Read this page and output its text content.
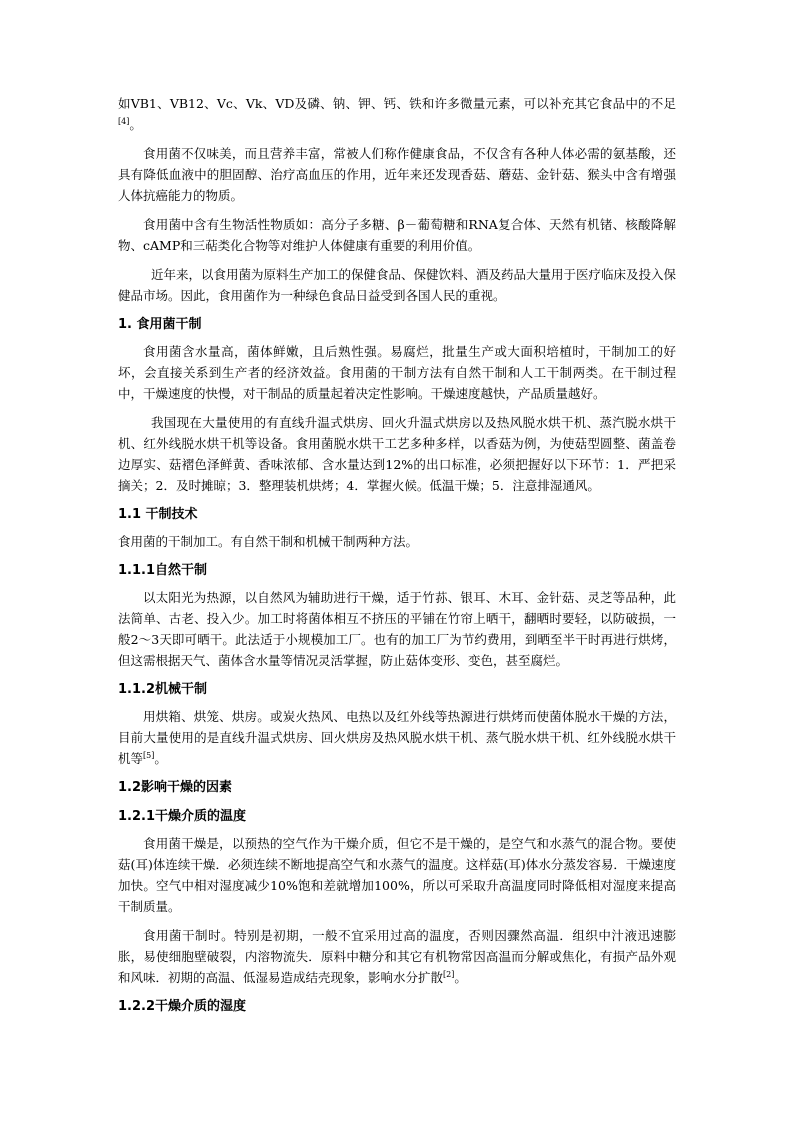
如VB1、VB12、Vc、Vk、VD及磷、钠、钾、钙、铁和许多微量元素，可以补充其它食品中的不足[4]。

食用菌不仅味美，而且营养丰富，常被人们称作健康食品，不仅含有各种人体必需的氨基酸，还具有降低血液中的胆固醇、治疗高血压的作用，近年来还发现香菇、蘑菇、金针菇、猴头中含有增强人体抗癌能力的物质。

食用菌中含有生物活性物质如：高分子多糖、β－葡萄糖和RNA复合体、天然有机锗、核酸降解物、cAMP和三萜类化合物等对维护人体健康有重要的利用价值。

近年来，以食用菌为原料生产加工的保健食品、保健饮料、酒及药品大量用于医疗临床及投入保健品市场。因此，食用菌作为一种绿色食品日益受到各国人民的重视。

1. 食用菌干制

食用菌含水量高，菌体鲜嫩，且后熟性强。易腐烂，批量生产或大面积培植时，干制加工的好坏，会直接关系到生产者的经济效益。食用菌的干制方法有自然干制和人工干制两类。在干制过程中，干燥速度的快慢，对干制品的质量起着决定性影响。干燥速度越快，产品质量越好。

我国现在大量使用的有直线升温式烘房、回火升温式烘房以及热风脱水烘干机、蒸汽脱水烘干机、红外线脱水烘干机等设备。食用菌脱水烘干工艺多种多样，以香菇为例，为使菇型圆整、菌盖卷边厚实、菇褶色泽鲜黄、香味浓郁、含水量达到12%的出口标准，必须把握好以下环节：1．严把采摘关；2．及时摊晾；3．整理装机烘烤；4．掌握火候。低温干燥；5．注意排湿通风。

1.1 干制技术

食用菌的干制加工。有自然干制和机械干制两种方法。

1.1.1自然干制

以太阳光为热源，以自然风为辅助进行干燥，适于竹荪、银耳、木耳、金针菇、灵芝等品种，此法简单、古老、投入少。加工时将菌体相互不挤压的平铺在竹帘上晒干，翻晒时要轻，以防破损，一般2～3天即可晒干。此法适于小规模加工厂。也有的加工厂为节约费用，到晒至半干时再进行烘烤，但这需根据天气、菌体含水量等情况灵活掌握，防止菇体变形、变色，甚至腐烂。

1.1.2机械干制

用烘箱、烘笼、烘房。或炭火热风、电热以及红外线等热源进行烘烤而使菌体脱水干燥的方法，目前大量使用的是直线升温式烘房、回火烘房及热风脱水烘干机、蒸气脱水烘干机、红外线脱水烘干机等[5]。

1.2影响干燥的因素
1.2.1干燥介质的温度

食用菌干燥是，以预热的空气作为干燥介质，但它不是干燥的，是空气和水蒸气的混合物。要使菇(耳)体连续干燥．必须连续不断地提高空气和水蒸气的温度。这样菇(耳)体水分蒸发容易．干燥速度加快。空气中相对湿度减少10%饱和差就增加100%，所以可采取升高温度同时降低相对湿度来提高干制质量。

食用菌干制时。特别是初期，一般不宜采用过高的温度，否则因骤然高温．组织中汁液迅速膨胀，易使细胞壁破裂，内溶物流失．原料中糖分和其它有机物常因高温而分解或焦化，有损产品外观和风味．初期的高温、低湿易造成结壳现象，影响水分扩散[2]。

1.2.2干燥介质的湿度
